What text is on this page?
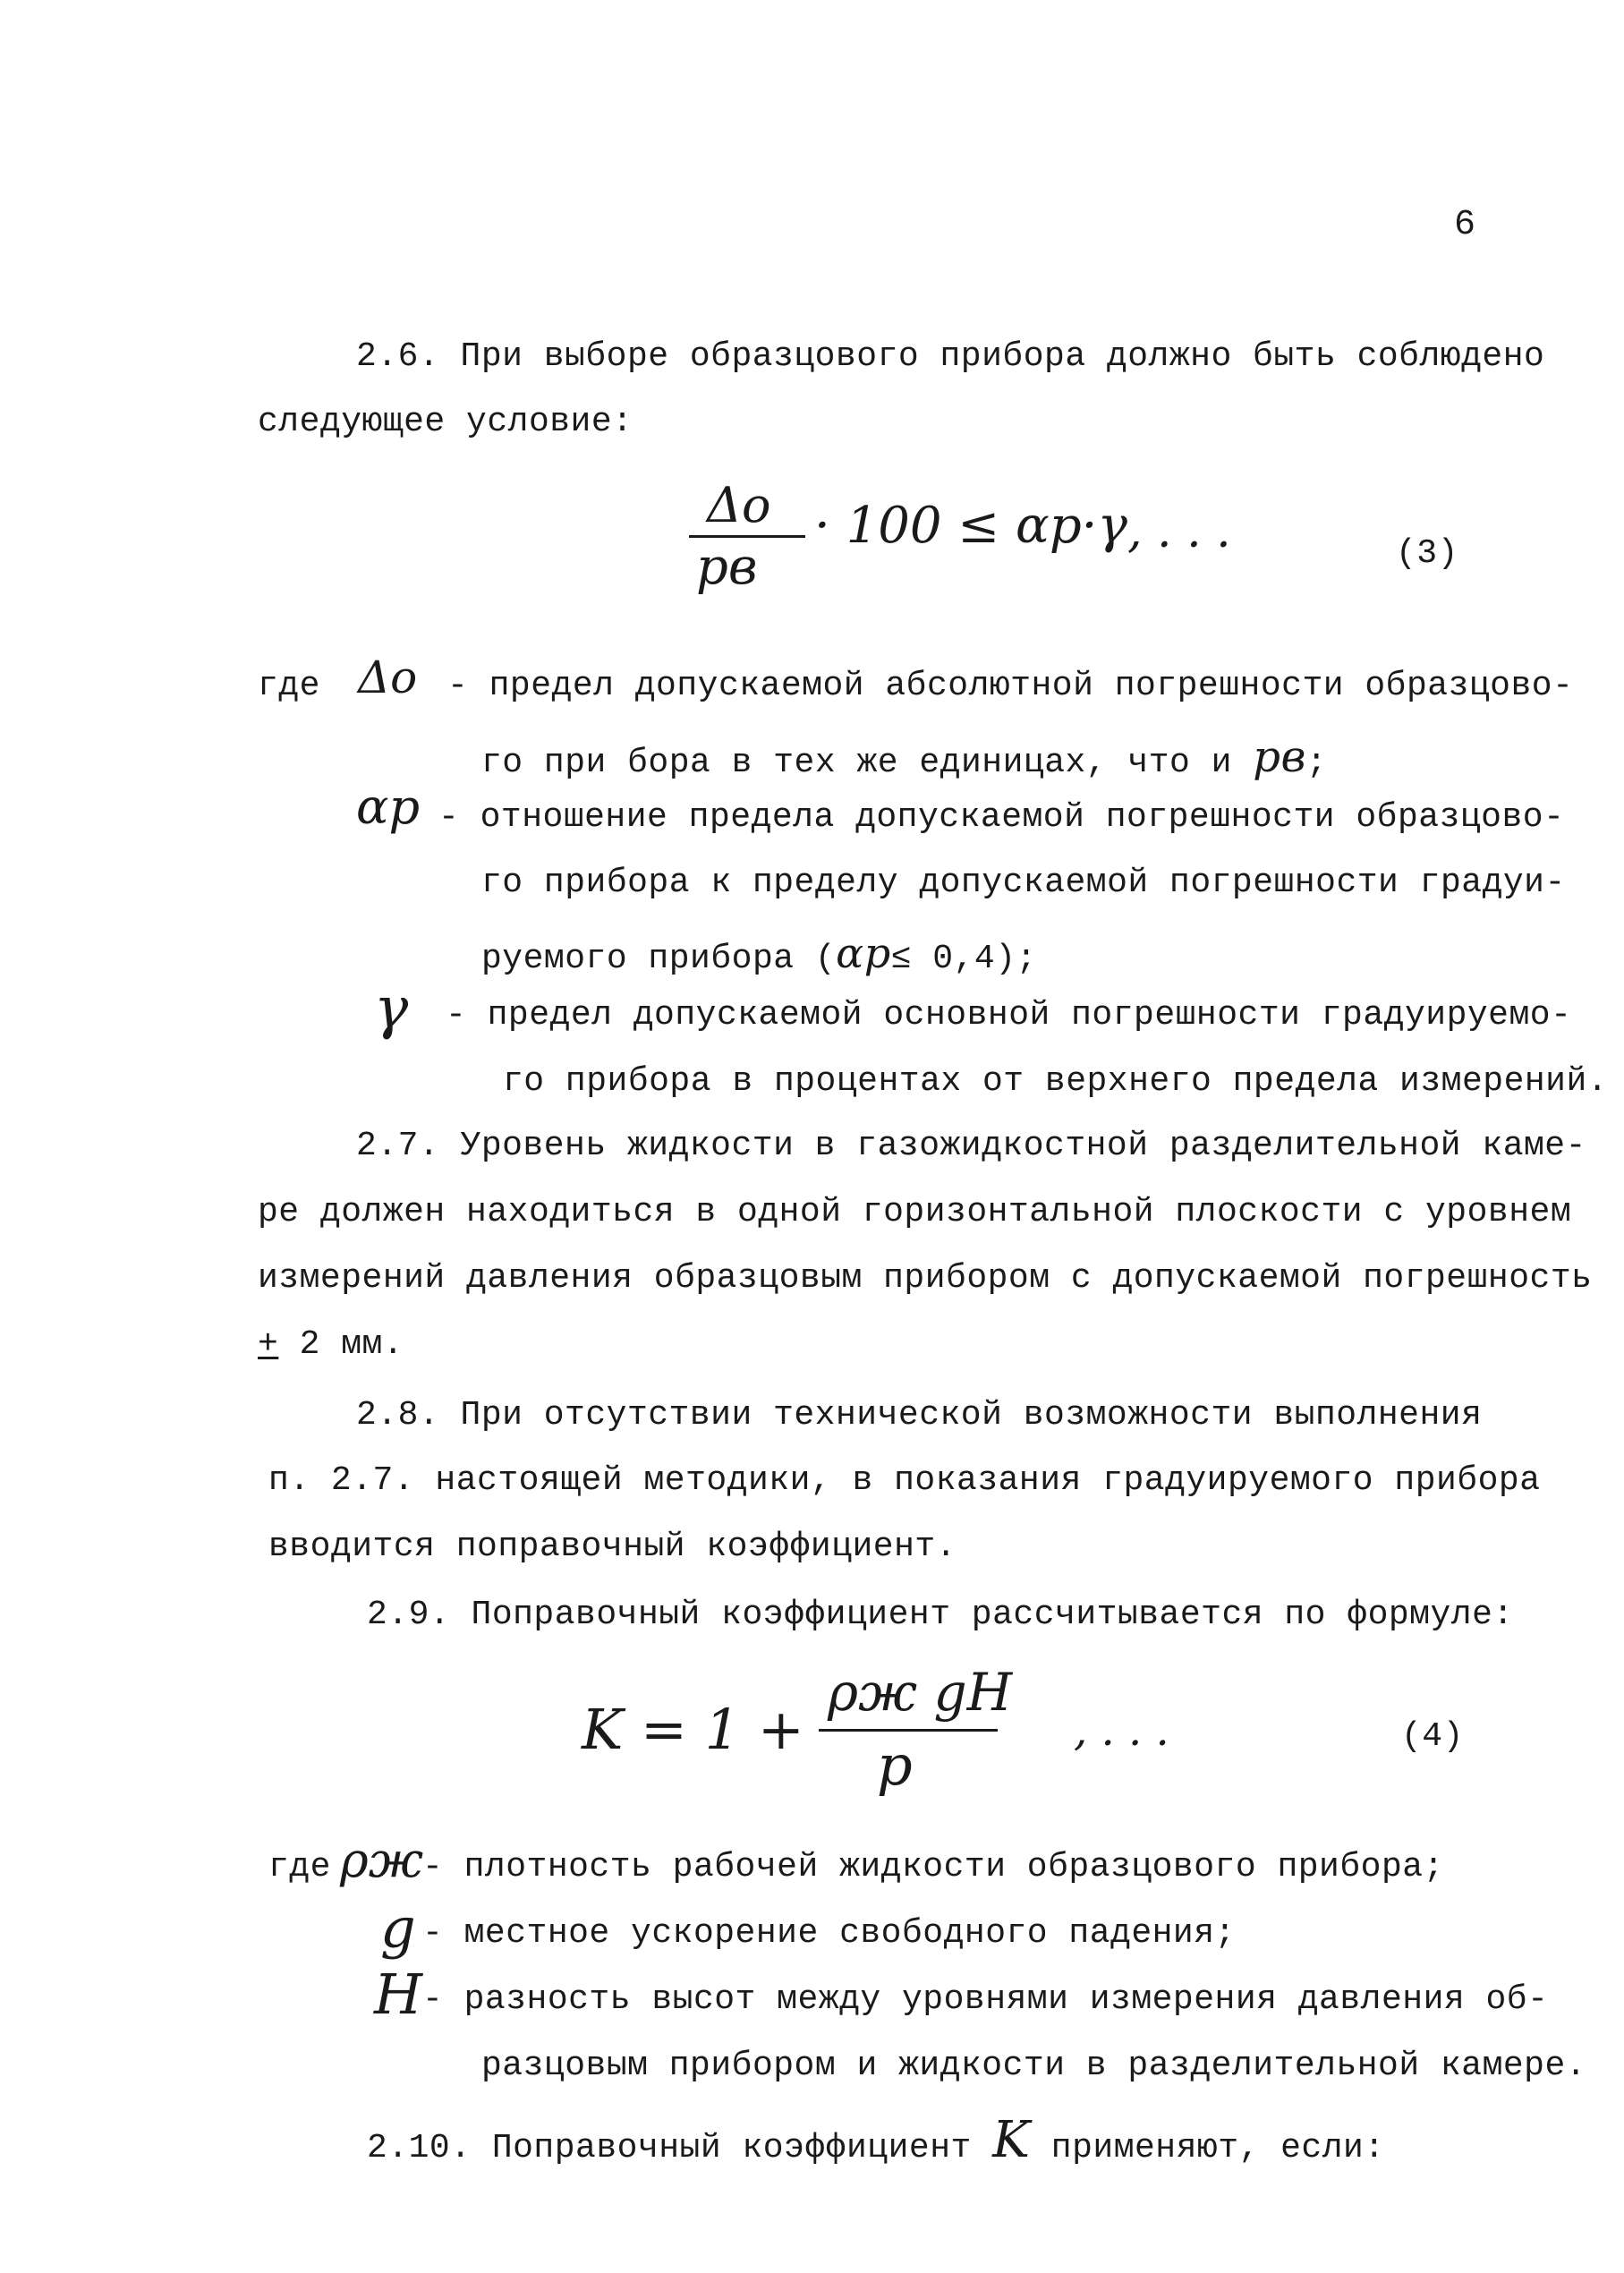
6
2.6. При выборе образцового прибора должно быть соблюдено
следующее условие:
Δo
pв
· 100 ≤ αp·γ , . . .	(3)
где Δo - предел допускаемой абсолютной погрешности образцово-
го при бора в тех же единицах, что и pв;
αp - отношение предела допускаемой погрешности образцово-
го прибора к пределу допускаемой погрешности градуи-
руемого прибора (αp≤ 0,4);
γ - предел допускаемой основной погрешности градуируемо-
го прибора в процентах от верхнего предела измерений.
2.7. Уровень жидкости в газожидкостной разделительной каме-
ре должен находиться в одной горизонтальной плоскости с уровнем
измерений давления образцовым прибором с допускаемой погрешность
+ 2 мм.
2.8. При отсутствии технической возможности выполнения
п. 2.7. настоящей методики, в показания градуируемого прибора
вводится поправочный коэффициент.
2.9. Поправочный коэффициент рассчитывается по формуле:
K = 1 +
ρж gH
p
, . . .	(4)
где ρж
- плотность рабочей жидкости образцового прибора;
g - местное ускорение свободного падения;
H - разность высот между уровнями измерения давления об-
разцовым прибором и жидкости в разделительной камере.
2.10. Поправочный коэффициент K применяют, если:
